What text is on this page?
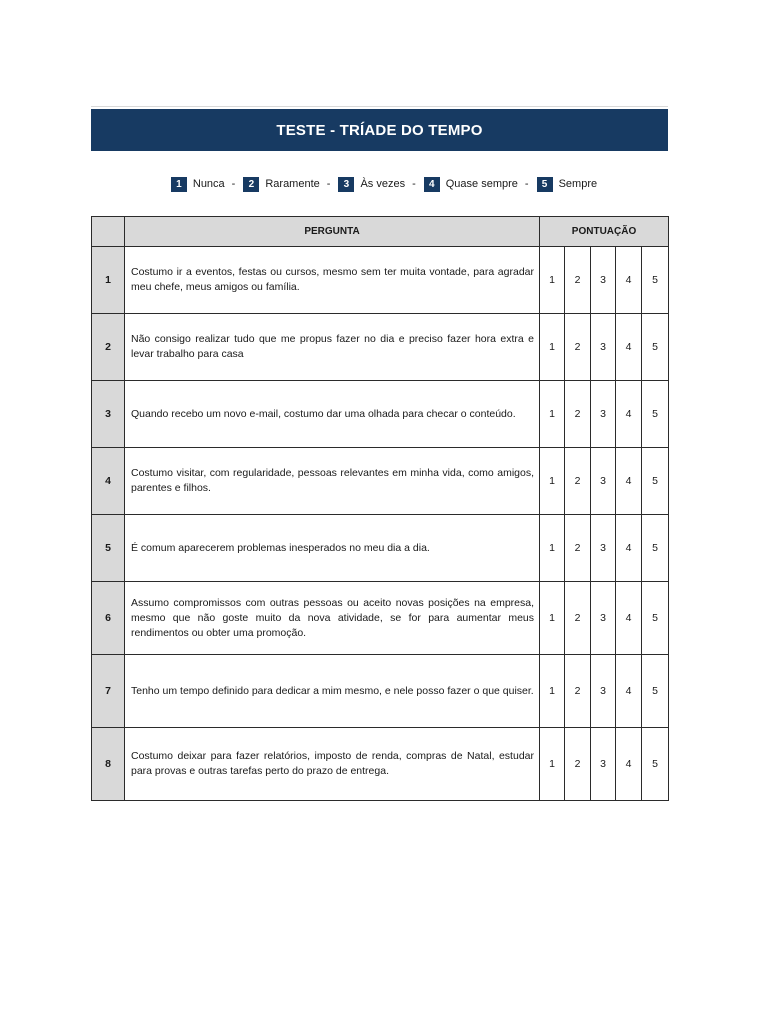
TESTE - TRÍADE DO TEMPO
1	Nunca -	2	Raramente -	3	Às vezes -	4	Quase sempre -	5	Sempre
	PERGUNTA	PONTUAÇÃO				
1	Costumo ir a eventos, festas ou cursos, mesmo sem ter muita vontade, para agradar meu chefe, meus amigos ou família.	1	2	3	4	5
2	Não consigo realizar tudo que me propus fazer no dia e preciso fazer hora extra e levar trabalho para casa	1	2	3	4	5
3	Quando recebo um novo e-mail, costumo dar uma olhada para checar o conteúdo.	1	2	3	4	5
4	Costumo visitar, com regularidade, pessoas relevantes em minha vida, como amigos, parentes e filhos.	1	2	3	4	5
5	É comum aparecerem problemas inesperados no meu dia a dia.	1	2	3	4	5
6	Assumo compromissos com outras pessoas ou aceito novas posições na empresa, mesmo que não goste muito da nova atividade, se for para aumentar meus rendimentos ou obter uma promoção.	1	2	3	4	5
7	Tenho um tempo definido para dedicar a mim mesmo, e nele posso fazer o que quiser.	1	2	3	4	5
8	Costumo deixar para fazer relatórios, imposto de renda, compras de Natal, estudar para provas e outras tarefas perto do prazo de entrega.	1	2	3	4	5
